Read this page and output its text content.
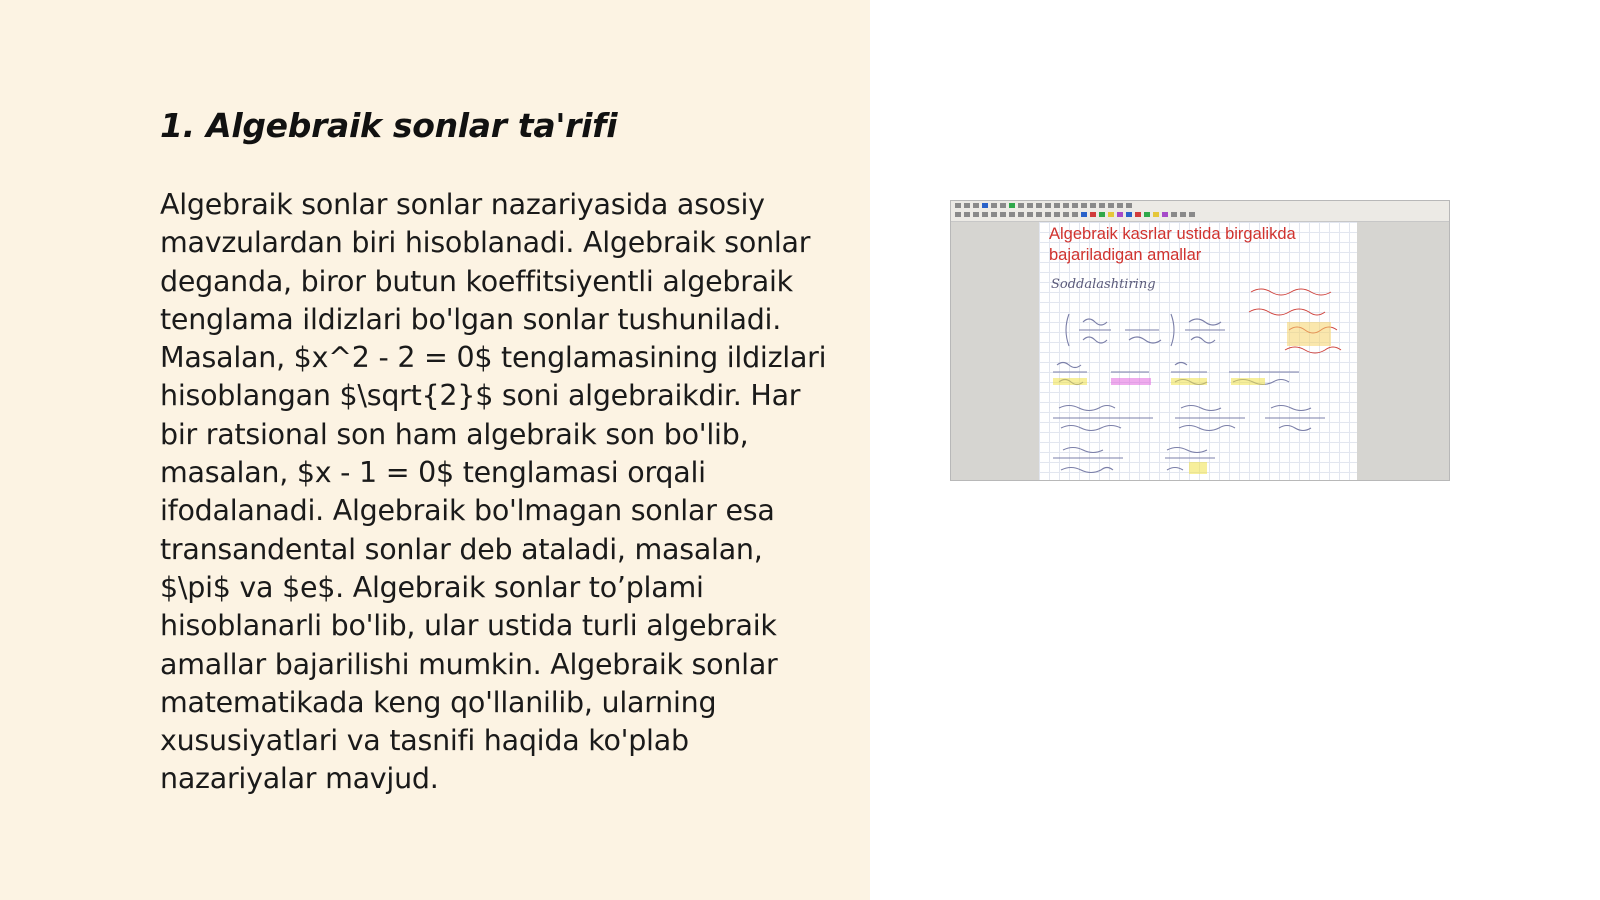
1. Algebraik sonlar ta'rifi

Algebraik sonlar sonlar nazariyasida asosiy mavzulardan biri hisoblanadi. Algebraik sonlar deganda, biror butun koeffitsiyentli algebraik tenglama ildizlari bo'lgan sonlar tushuniladi. Masalan, $x^2 - 2 = 0$ tenglamasining ildizlari hisoblangan $\sqrt{2}$ soni algebraikdir. Har bir ratsional son ham algebraik son bo'lib, masalan, $x - 1 = 0$ tenglamasi orqali ifodalanadi. Algebraik bo'lmagan sonlar esa transandental sonlar deb ataladi, masalan, $\pi$ va $e$. Algebraik sonlar to’plami hisoblanarli bo'lib, ular ustida turli algebraik amallar bajarilishi mumkin. Algebraik sonlar matematikada keng qo'llanilib, ularning xususiyatlari va tasnifi haqida ko'plab nazariyalar mavjud.

Algebraik kasrlar ustida birgalikda bajariladigan amallar

Soddalashtiring
